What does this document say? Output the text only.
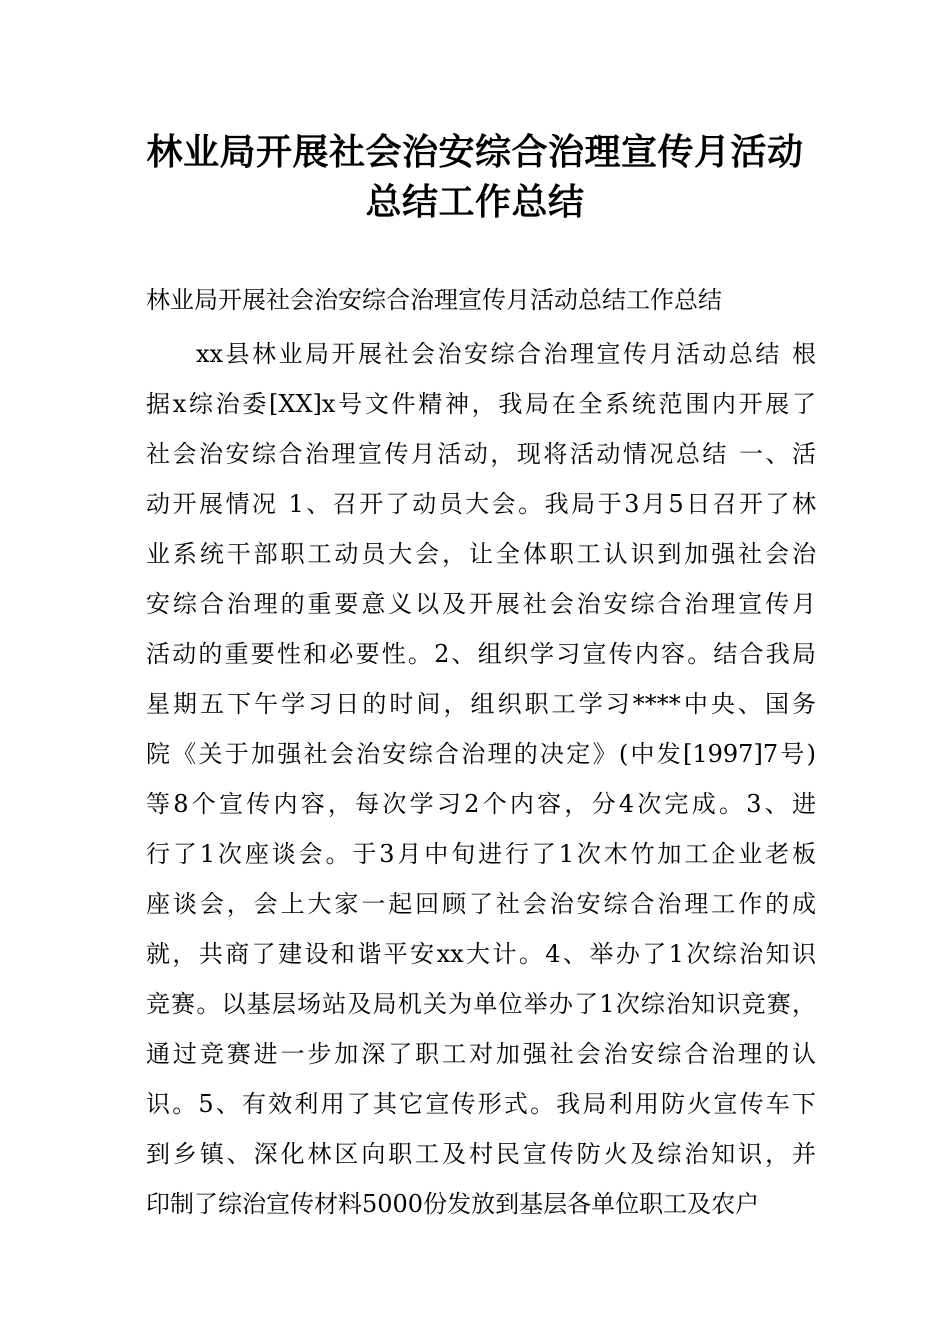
林业局开展社会治安综合治理宣传月活动总结工作总结
林业局开展社会治安综合治理宣传月活动总结工作总结
xx县林业局开展社会治安综合治理宣传月活动总结 根
据x综治委[XX]x号文件精神，我局在全系统范围内开展了
社会治安综合治理宣传月活动，现将活动情况总结 一、活
动开展情况 1、召开了动员大会。我局于3月5日召开了林
业系统干部职工动员大会，让全体职工认识到加强社会治
安综合治理的重要意义以及开展社会治安综合治理宣传月
活动的重要性和必要性。2、组织学习宣传内容。结合我局
星期五下午学习日的时间，组织职工学习****中央、国务
院《关于加强社会治安综合治理的决定》(中发[1997]7号)
等8个宣传内容，每次学习2个内容，分4次完成。3、进
行了1次座谈会。于3月中旬进行了1次木竹加工企业老板
座谈会，会上大家一起回顾了社会治安综合治理工作的成
就，共商了建设和谐平安xx大计。4、举办了1次综治知识
竞赛。以基层场站及局机关为单位举办了1次综治知识竞赛，
通过竞赛进一步加深了职工对加强社会治安综合治理的认
识。5、有效利用了其它宣传形式。我局利用防火宣传车下
到乡镇、深化林区向职工及村民宣传防火及综治知识，并
印制了综治宣传材料5000份发放到基层各单位职工及农户
